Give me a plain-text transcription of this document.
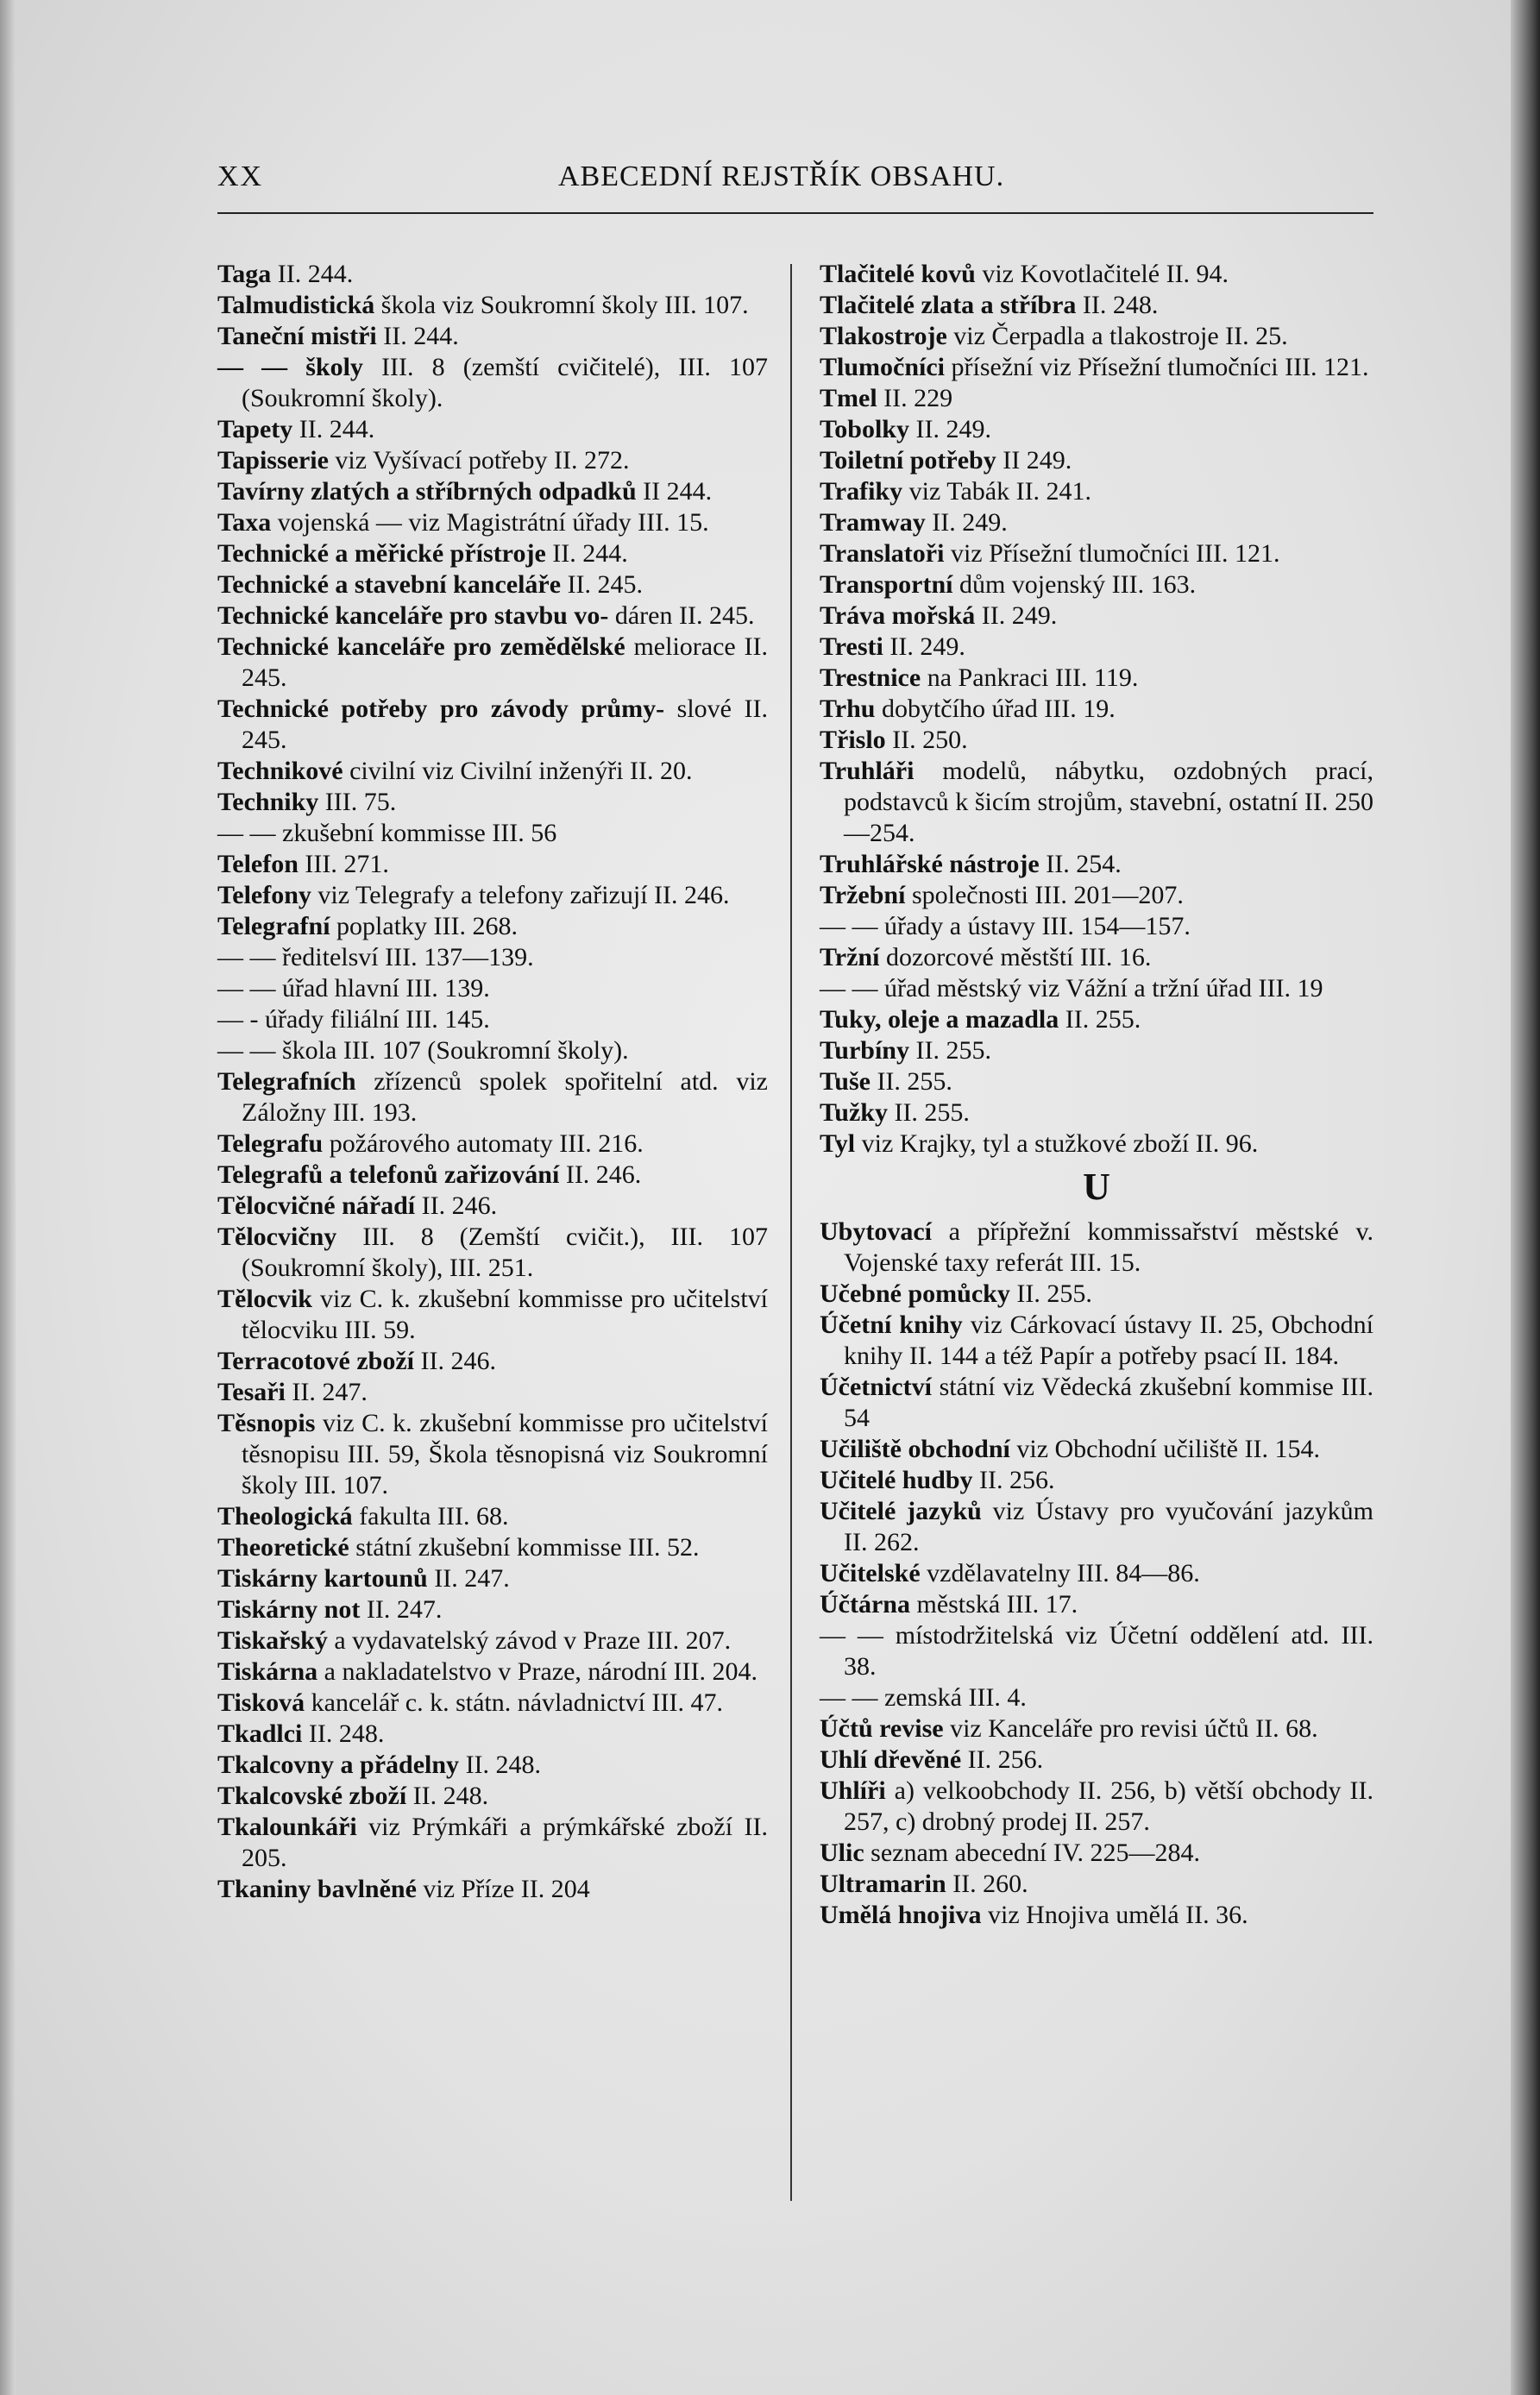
XX	ABECEDNÍ REJSTŘÍK OBSAHU.

Taga II. 244.

Talmudistická škola viz Soukromní školy III. 107.

Taneční mistři II. 244.

— — školy III. 8 (zemští cvičitelé), III. 107 (Soukromní školy).

Tapety II. 244.

Tapisserie viz Vyšívací potřeby II. 272.

Tavírny zlatých a stříbrných odpadků II 244.

Taxa vojenská — viz Magistrátní úřady III. 15.

Technické a měřické přístroje II. 244.

Technické a stavební kanceláře II. 245.

Technické kanceláře pro stavbu vo- dáren II. 245.

Technické kanceláře pro zemědělské meliorace II. 245.

Technické potřeby pro závody průmy- slové II. 245.

Technikové civilní viz Civilní inženýři II. 20.

Techniky III. 75.

— — zkušební kommisse III. 56

Telefon III. 271.

Telefony viz Telegrafy a telefony zařizují II. 246.

Telegrafní poplatky III. 268.

— — ředitelsví III. 137—139.

— — úřad hlavní III. 139.

— - úřady filiální III. 145.

— — škola III. 107 (Soukromní školy).

Telegrafních zřízenců spolek spořitelní atd. viz Záložny III. 193.

Telegrafu požárového automaty III. 216.

Telegrafů a telefonů zařizování II. 246.

Tělocvičné nářadí II. 246.

Tělocvičny III. 8 (Zemští cvičit.), III. 107 (Soukromní školy), III. 251.

Tělocvik viz C. k. zkušební kommisse pro učitelství tělocviku III. 59.

Terracotové zboží II. 246.

Tesaři II. 247.

Těsnopis viz C. k. zkušební kommisse pro učitelství těsnopisu III. 59, Škola těsnopisná viz Soukromní školy III. 107.

Theologická fakulta III. 68.

Theoretické státní zkušební kommisse III. 52.

Tiskárny kartounů II. 247.

Tiskárny not II. 247.

Tiskařský a vydavatelský závod v Praze III. 207.

Tiskárna a nakladatelstvo v Praze, národní III. 204.

Tisková kancelář c. k. státn. návladnictví III. 47.

Tkadlci II. 248.

Tkalcovny a přádelny II. 248.

Tkalcovské zboží II. 248.

Tkalounkáři viz Prýmkáři a prýmkářské zboží II. 205.

Tkaniny bavlněné viz Příze II. 204

Tlačitelé kovů viz Kovotlačitelé II. 94.

Tlačitelé zlata a stříbra II. 248.

Tlakostroje viz Čerpadla a tlakostroje II. 25.

Tlumočníci přísežní viz Přísežní tlumočníci III. 121.

Tmel II. 229

Tobolky II. 249.

Toiletní potřeby II 249.

Trafiky viz Tabák II. 241.

Tramway II. 249.

Translatoři viz Přísežní tlumočníci III. 121.

Transportní dům vojenský III. 163.

Tráva mořská II. 249.

Tresti II. 249.

Trestnice na Pankraci III. 119.

Trhu dobytčího úřad III. 19.

Třislo II. 250.

Truhláři modelů, nábytku, ozdobných prací, podstavců k šicím strojům, stavební, ostatní II. 250—254.

Truhlářské nástroje II. 254.

Tržební společnosti III. 201—207.

— — úřady a ústavy III. 154—157.

Tržní dozorcové městští III. 16.

— — úřad městský viz Vážní a tržní úřad III. 19

Tuky, oleje a mazadla II. 255.

Turbíny II. 255.

Tuše II. 255.

Tužky II. 255.

Tyl viz Krajky, tyl a stužkové zboží II. 96.

U

Ubytovací a přípřežní kommissařství městské v. Vojenské taxy referát III. 15.

Učebné pomůcky II. 255.

Účetní knihy viz Cárkovací ústavy II. 25, Obchodní knihy II. 144 a též Papír a potřeby psací II. 184.

Účetnictví státní viz Vědecká zkušební kommise III. 54

Učiliště obchodní viz Obchodní učiliště II. 154.

Učitelé hudby II. 256.

Učitelé jazyků viz Ústavy pro vyučování jazykům II. 262.

Učitelské vzdělavatelny III. 84—86.

Účtárna městská III. 17.

— — místodržitelská viz Účetní oddělení atd. III. 38.

— — zemská III. 4.

Účtů revise viz Kanceláře pro revisi účtů II. 68.

Uhlí dřevěné II. 256.

Uhlíři a) velkoobchody II. 256, b) větší obchody II. 257, c) drobný prodej II. 257.

Ulic seznam abecední IV. 225—284.

Ultramarin II. 260.

Umělá hnojiva viz Hnojiva umělá II. 36.
